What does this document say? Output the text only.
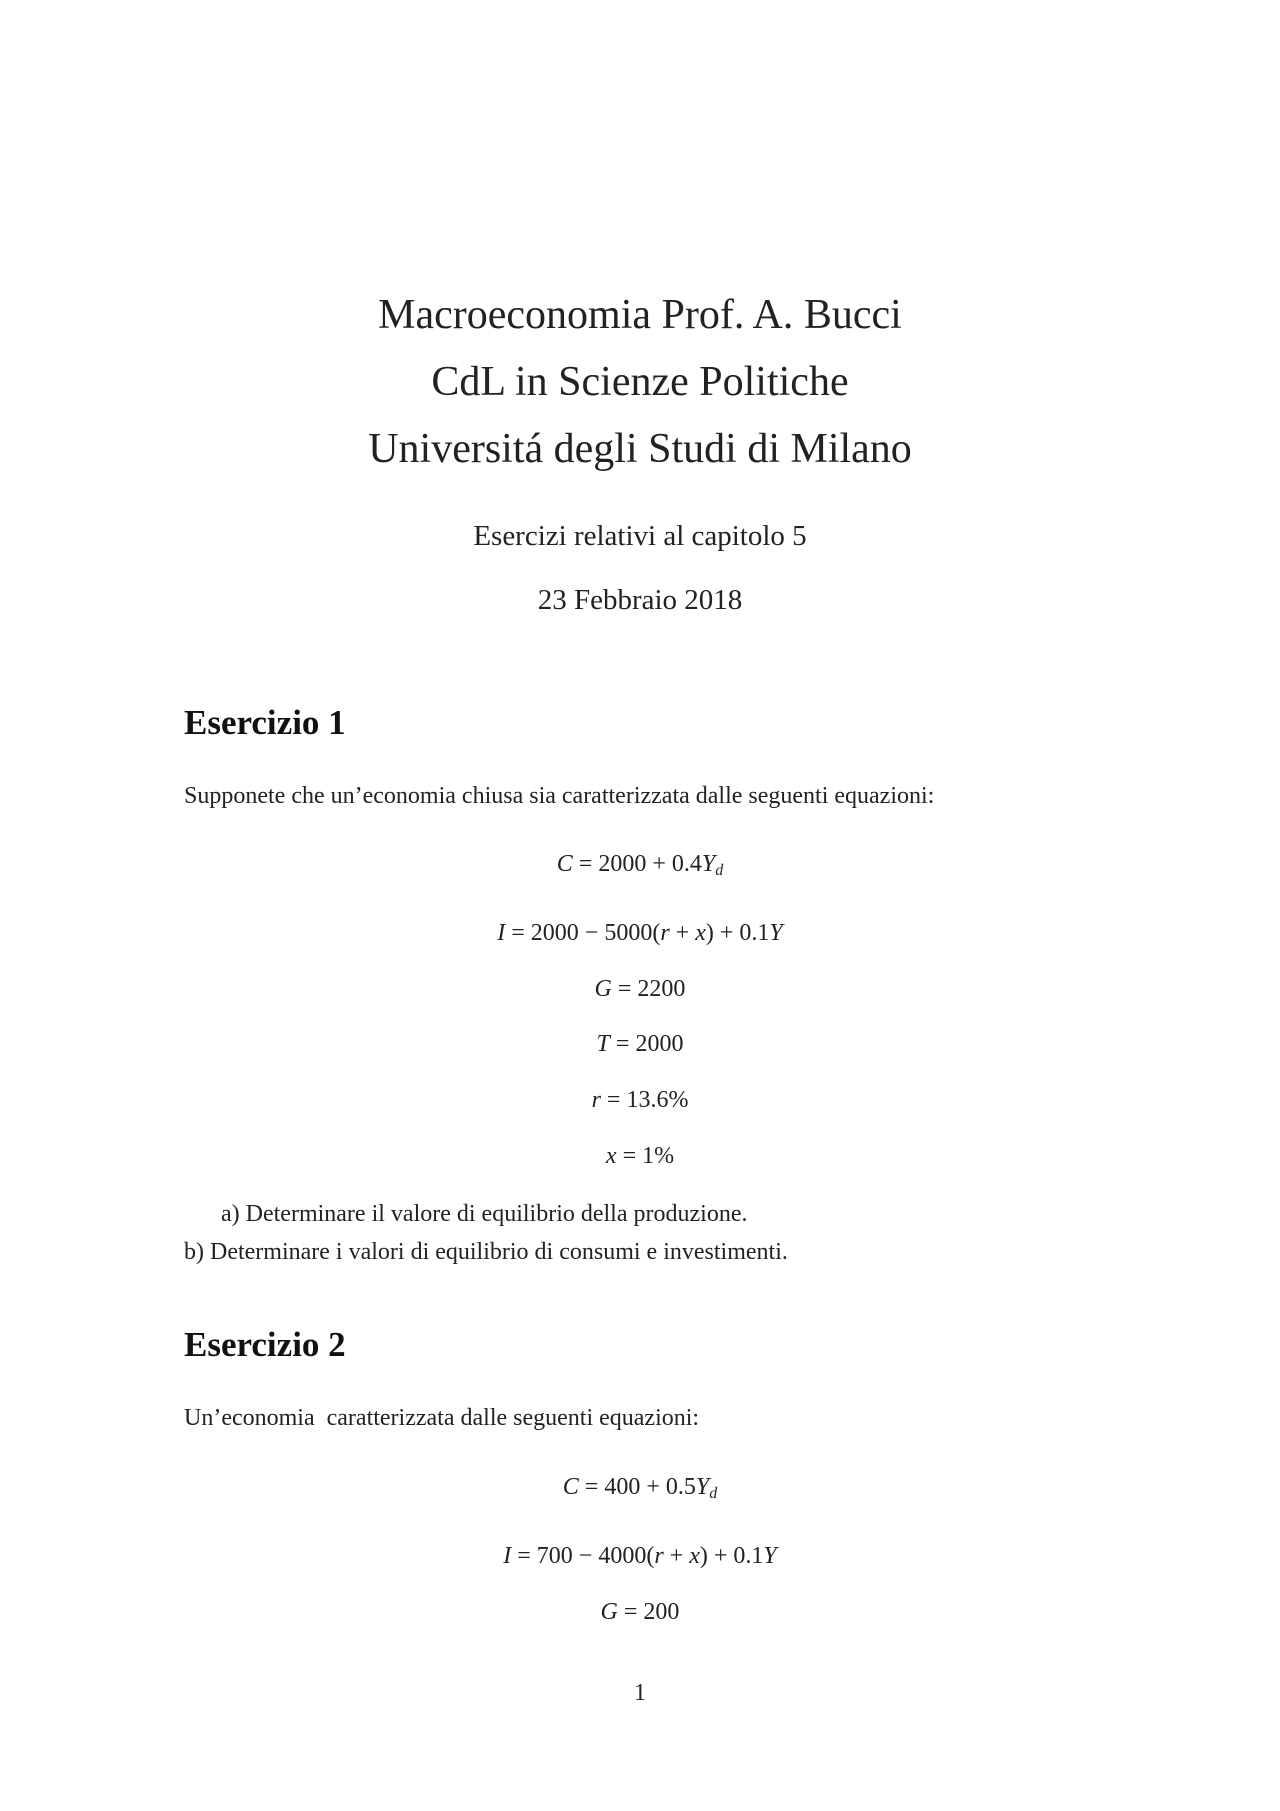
Macroeconomia Prof. A. Bucci
CdL in Scienze Politiche
Universitá degli Studi di Milano
Esercizi relativi al capitolo 5
23 Febbraio 2018
Esercizio 1
Supponete che un’economia chiusa sia caratterizzata dalle seguenti equazioni:
$C = 2000 + 0.4Y_d$
I = 2000 − 5000(r + x) + 0.1Y
G = 2200
T = 2000
r = 13.6%
x = 1%
a) Determinare il valore di equilibrio della produzione.
b) Determinare i valori di equilibrio di consumi e investimenti.
Esercizio 2
Un’economia  caratterizzata dalle seguenti equazioni:
$C = 400 + 0.5Y_d$
I = 700 − 4000(r + x) + 0.1Y
G = 200
1
